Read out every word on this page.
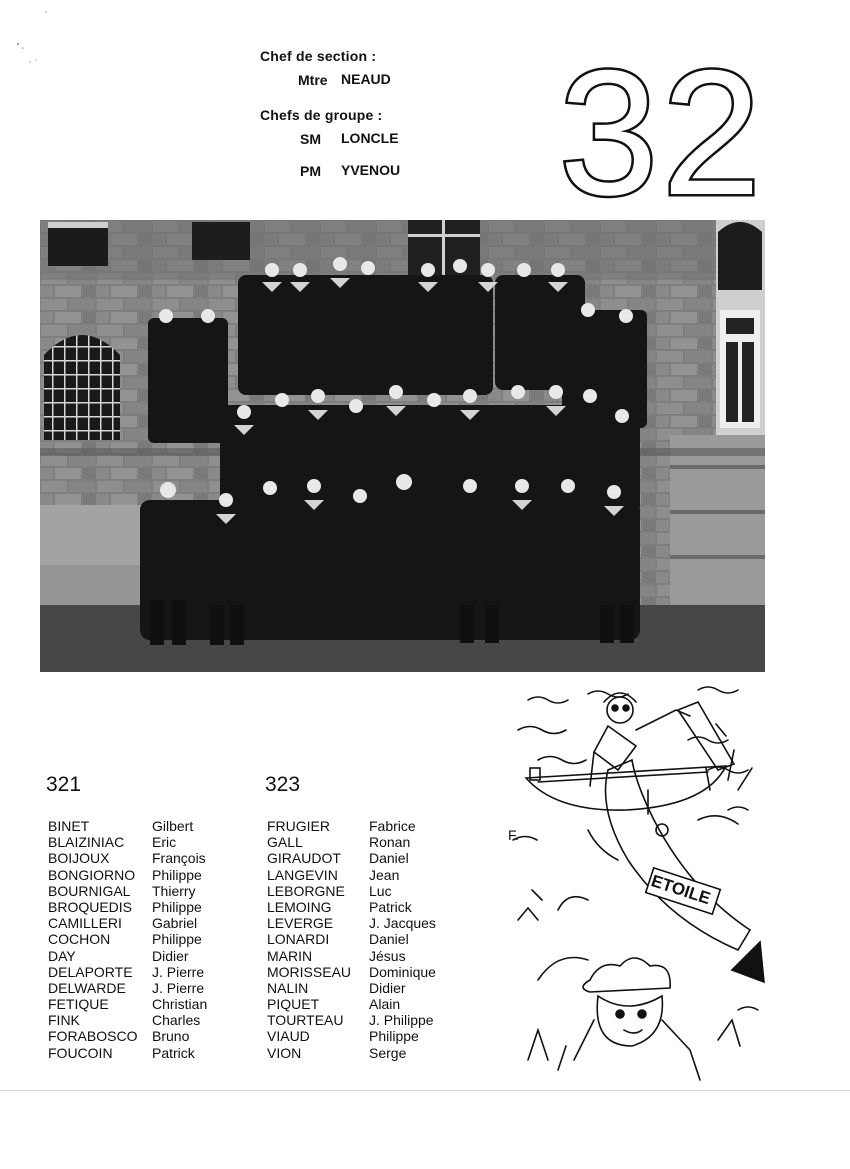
Chef de section :
Mtre NEAUD
Chefs de groupe :
SM LONCLE
PM YVENOU 32
321
BINET	Gilbert
BLAIZINIAC Eric
BOIJOUX	François
BONGIORNO Philippe
BOURNIGAL Thierry
BROQUEDIS Philippe
CAMILLERI Gabriel
COCHON	Philippe
DAY	Didier
DELAPORTE J. Pierre
DELWARDE J. Pierre
FETIQUE	Christian
FINK	Charles
FORABOSCO Bruno
FOUCOIN	Patrick
323
FRUGIER	Fabrice
GALL	Ronan
GIRAUDOT Daniel
LANGEVIN Jean
LEBORGNE Luc
LEMOING	Patrick
LEVERGE	J. Jacques
LONARDI	Daniel
MARIN	Jésus
MORISSEAU Dominique
NALIN	Didier
PIQUET	Alain
TOURTEAU J. Philippe
VIAUD	Philippe
VION	Serge
ETOILE
F.
